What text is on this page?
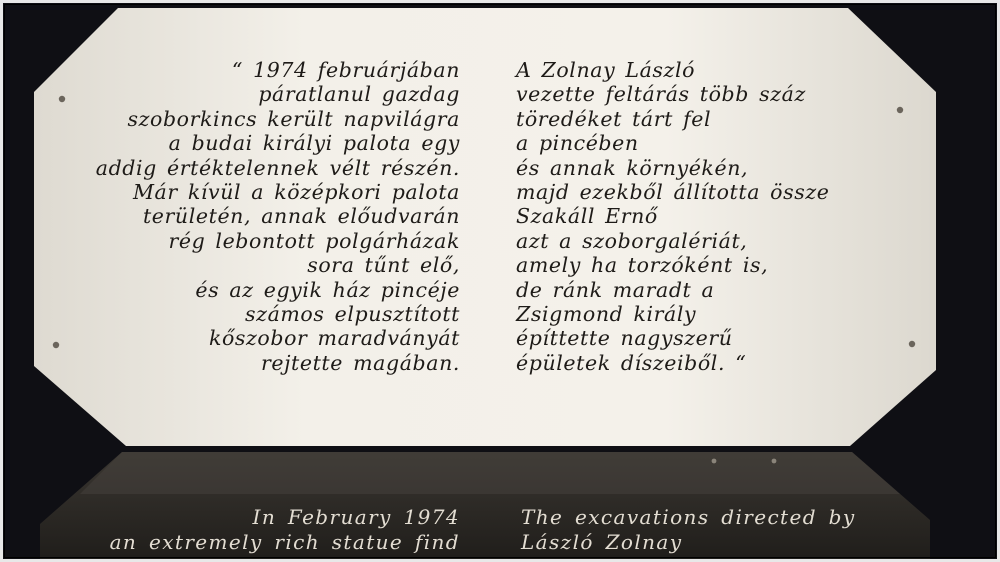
“ 1974 februárjában
páratlanul gazdag
szoborkincs került napvilágra
a budai királyi palota egy
addig értéktelennek vélt részén.
Már kívül a középkori palota
területén, annak előudvarán
rég lebontott polgárházak
sora tűnt elő,
és az egyik ház pincéje
számos elpusztított
kőszobor maradványát
rejtette magában.
A Zolnay László
vezette feltárás több száz
töredéket tárt fel
a pincében
és annak környékén,
majd ezekből állította össze
Szakáll Ernő
azt a szoborgalériát,
amely ha torzóként is,
de ránk maradt a
Zsigmond király
építtette nagyszerű
épületek díszeiből. “
In February 1974
an extremely rich statue find
The excavations directed by
László Zolnay
